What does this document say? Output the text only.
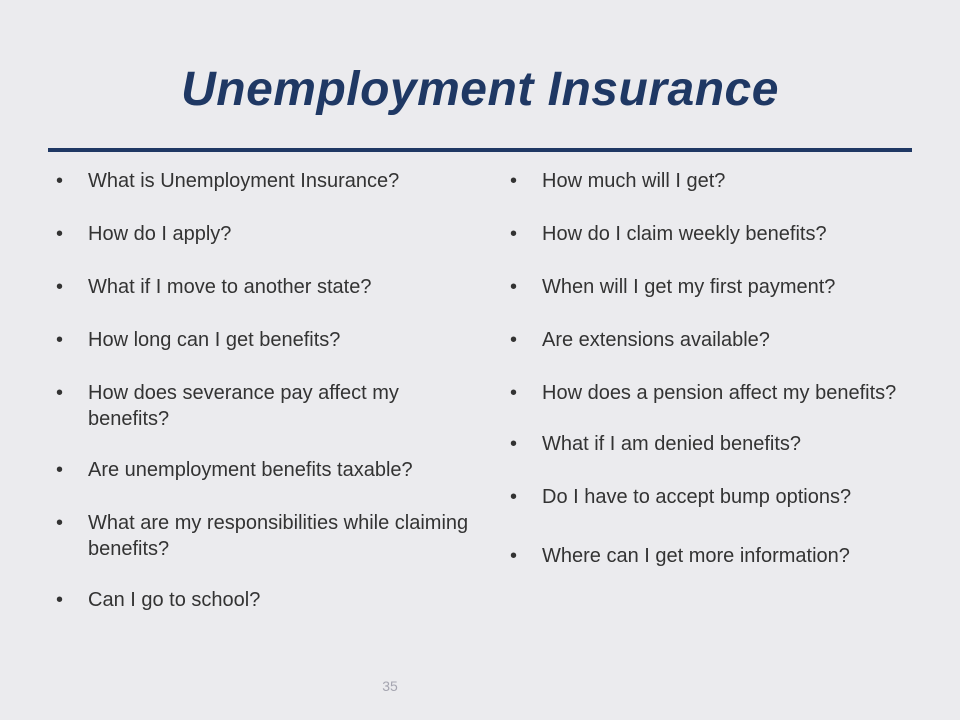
Unemployment Insurance
•	What is Unemployment Insurance?
•	How do I apply?
•	What if I move to another state?
•	How long can I get benefits?
•	How does severance pay affect my benefits?
•	Are unemployment benefits taxable?
•	What are my responsibilities while claiming benefits?
•	Can I go to school?
•	How much will I get?
•	How do I claim weekly benefits?
•	When will I get my first payment?
•	Are extensions available?
•	How does a pension affect my benefits?
•	What if I am denied benefits?
•	Do I have to accept bump options?
•	Where can I get more information?
35
